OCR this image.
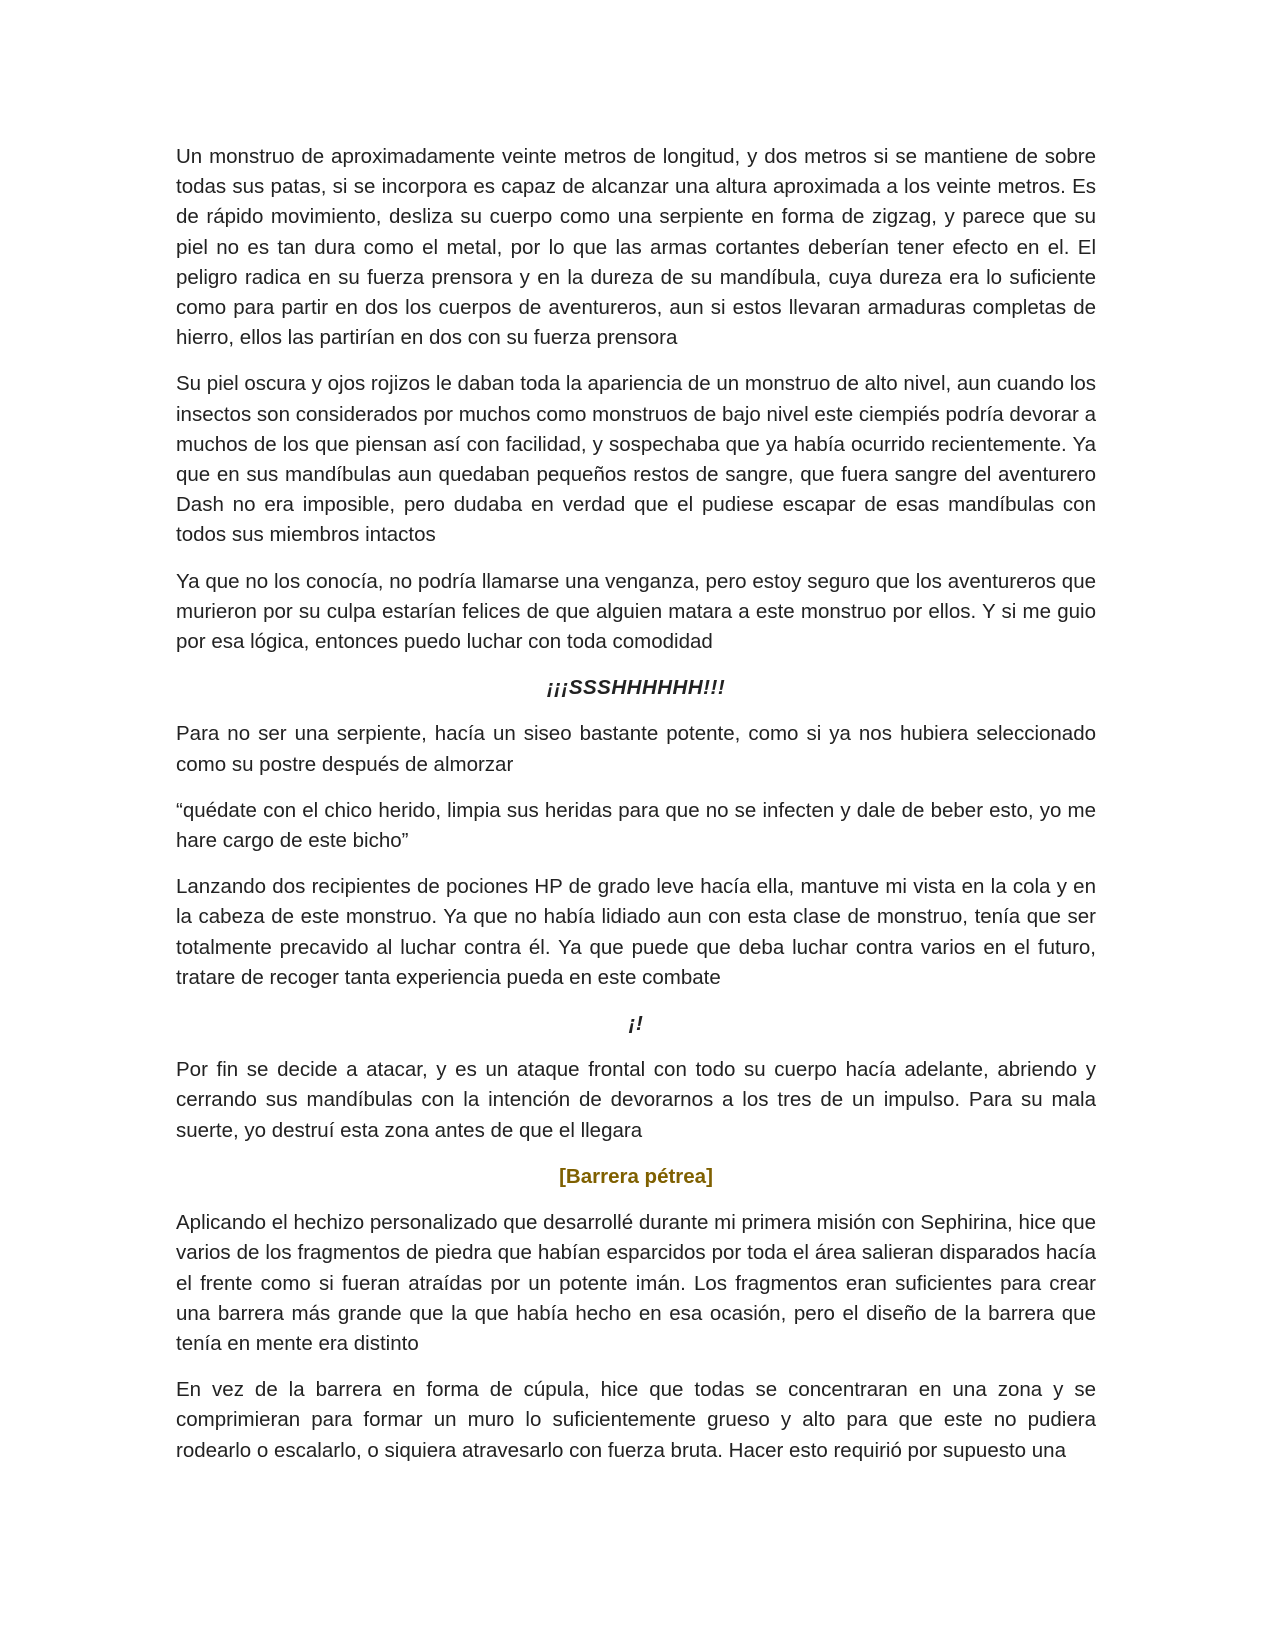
Un monstruo de aproximadamente veinte metros de longitud, y dos metros si se mantiene de sobre todas sus patas, si se incorpora es capaz de alcanzar una altura aproximada a los veinte metros. Es de rápido movimiento, desliza su cuerpo como una serpiente en forma de zigzag, y parece que su piel no es tan dura como el metal, por lo que las armas cortantes deberían tener efecto en el. El peligro radica en su fuerza prensora y en la dureza de su mandíbula, cuya dureza era lo suficiente como para partir en dos los cuerpos de aventureros, aun si estos llevaran armaduras completas de hierro, ellos las partirían en dos con su fuerza prensora

Su piel oscura y ojos rojizos le daban toda la apariencia de un monstruo de alto nivel, aun cuando los insectos son considerados por muchos como monstruos de bajo nivel este ciempiés podría devorar a muchos de los que piensan así con facilidad, y sospechaba que ya había ocurrido recientemente. Ya que en sus mandíbulas aun quedaban pequeños restos de sangre, que fuera sangre del aventurero Dash no era imposible, pero dudaba en verdad que el pudiese escapar de esas mandíbulas con todos sus miembros intactos

Ya que no los conocía, no podría llamarse una venganza, pero estoy seguro que los aventureros que murieron por su culpa estarían felices de que alguien matara a este monstruo por ellos. Y si me guio por esa lógica, entonces puedo luchar con toda comodidad

¡¡¡SSSHHHHHH!!!

Para no ser una serpiente, hacía un siseo bastante potente, como si ya nos hubiera seleccionado como su postre después de almorzar

“quédate con el chico herido, limpia sus heridas para que no se infecten y dale de beber esto, yo me hare cargo de este bicho”

Lanzando dos recipientes de pociones HP de grado leve hacía ella, mantuve mi vista en la cola y en la cabeza de este monstruo. Ya que no había lidiado aun con esta clase de monstruo, tenía que ser totalmente precavido al luchar contra él. Ya que puede que deba luchar contra varios en el futuro, tratare de recoger tanta experiencia pueda en este combate

¡!

Por fin se decide a atacar, y es un ataque frontal con todo su cuerpo hacía adelante, abriendo y cerrando sus mandíbulas con la intención de devorarnos a los tres de un impulso. Para su mala suerte, yo destruí esta zona antes de que el llegara

[Barrera pétrea]

Aplicando el hechizo personalizado que desarrollé durante mi primera misión con Sephirina, hice que varios de los fragmentos de piedra que habían esparcidos por toda el área salieran disparados hacía el frente como si fueran atraídas por un potente imán. Los fragmentos eran suficientes para crear una barrera más grande que la que había hecho en esa ocasión, pero el diseño de la barrera que tenía en mente era distinto

En vez de la barrera en forma de cúpula, hice que todas se concentraran en una zona y se comprimieran para formar un muro lo suficientemente grueso y alto para que este no pudiera rodearlo o escalarlo, o siquiera atravesarlo con fuerza bruta. Hacer esto requirió por supuesto una
